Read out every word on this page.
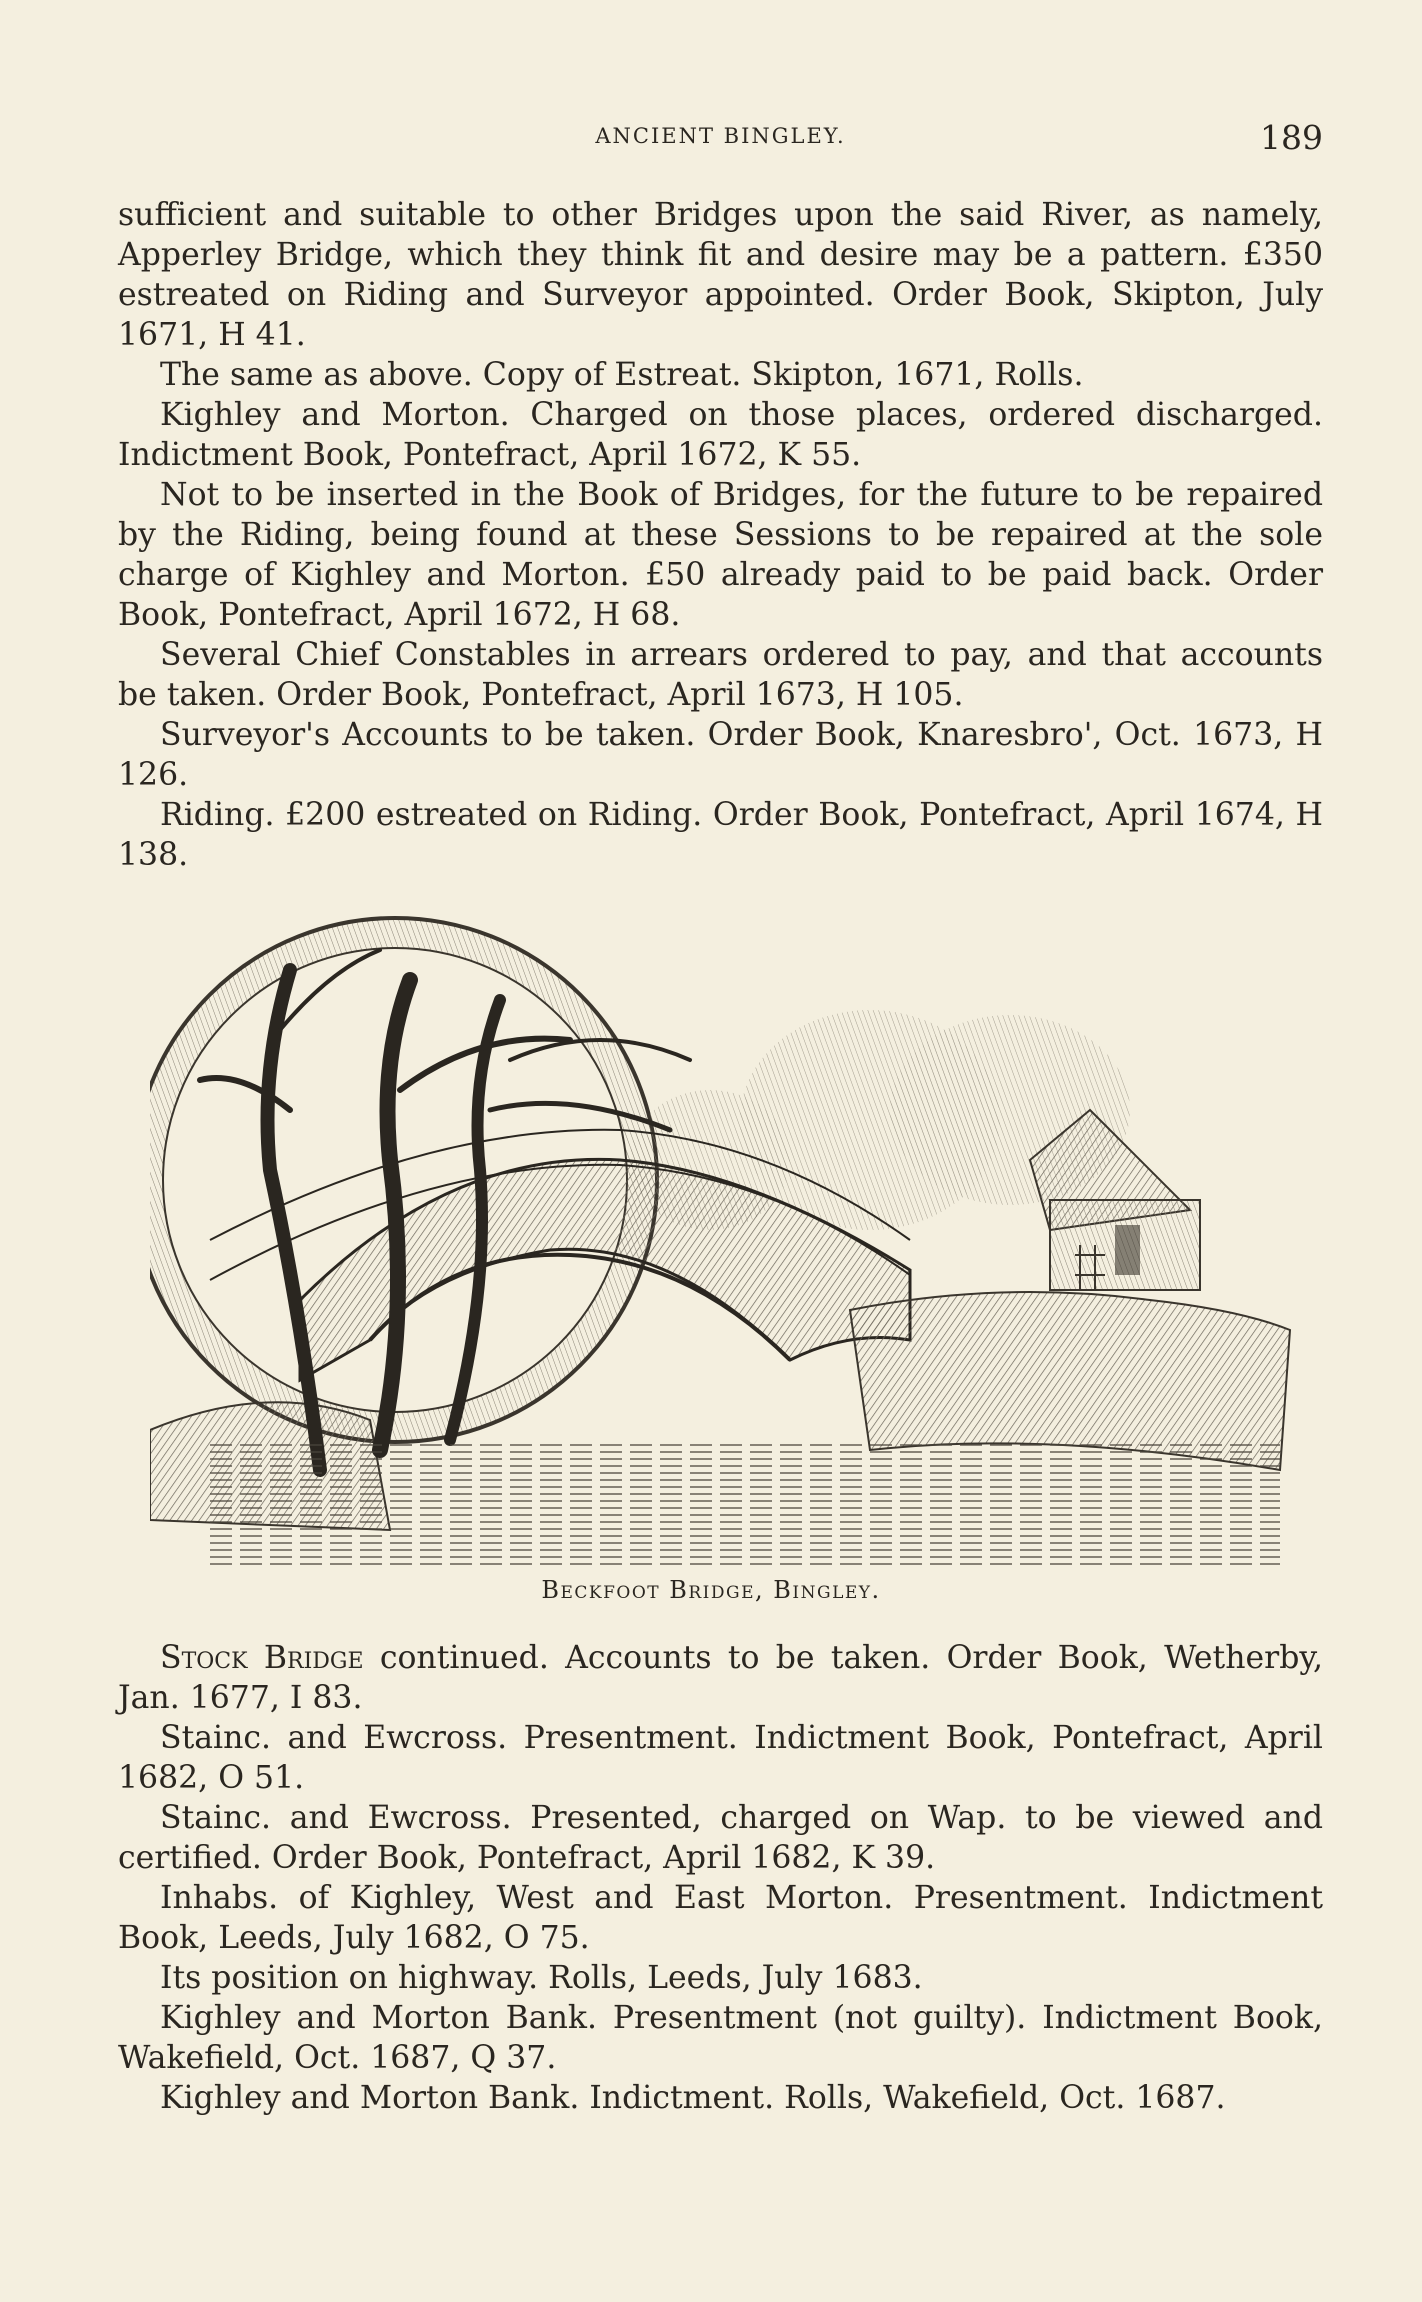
ANCIENT BINGLEY.	189

sufficient and suitable to other Bridges upon the said River, as namely, Apperley Bridge, which they think fit and desire may be a pattern. £350 estreated on Riding and Surveyor appointed. Order Book, Skipton, July 1671, H 41.

The same as above. Copy of Estreat. Skipton, 1671, Rolls.

Kighley and Morton. Charged on those places, ordered discharged. Indictment Book, Pontefract, April 1672, K 55.

Not to be inserted in the Book of Bridges, for the future to be repaired by the Riding, being found at these Sessions to be repaired at the sole charge of Kighley and Morton. £50 already paid to be paid back. Order Book, Pontefract, April 1672, H 68.

Several Chief Constables in arrears ordered to pay, and that accounts be taken. Order Book, Pontefract, April 1673, H 105.

Surveyor's Accounts to be taken. Order Book, Knaresbro', Oct. 1673, H 126.

Riding. £200 estreated on Riding. Order Book, Pontefract, April 1674, H 138.

Beckfoot Bridge, Bingley.

Stock Bridge continued. Accounts to be taken. Order Book, Wetherby, Jan. 1677, I 83.

Stainc. and Ewcross. Presentment. Indictment Book, Pontefract, April 1682, O 51.

Stainc. and Ewcross. Presented, charged on Wap. to be viewed and certified. Order Book, Pontefract, April 1682, K 39.

Inhabs. of Kighley, West and East Morton. Presentment. Indictment Book, Leeds, July 1682, O 75.

Its position on highway. Rolls, Leeds, July 1683.

Kighley and Morton Bank. Presentment (not guilty). Indictment Book, Wakefield, Oct. 1687, Q 37.

Kighley and Morton Bank. Indictment. Rolls, Wakefield, Oct. 1687.
